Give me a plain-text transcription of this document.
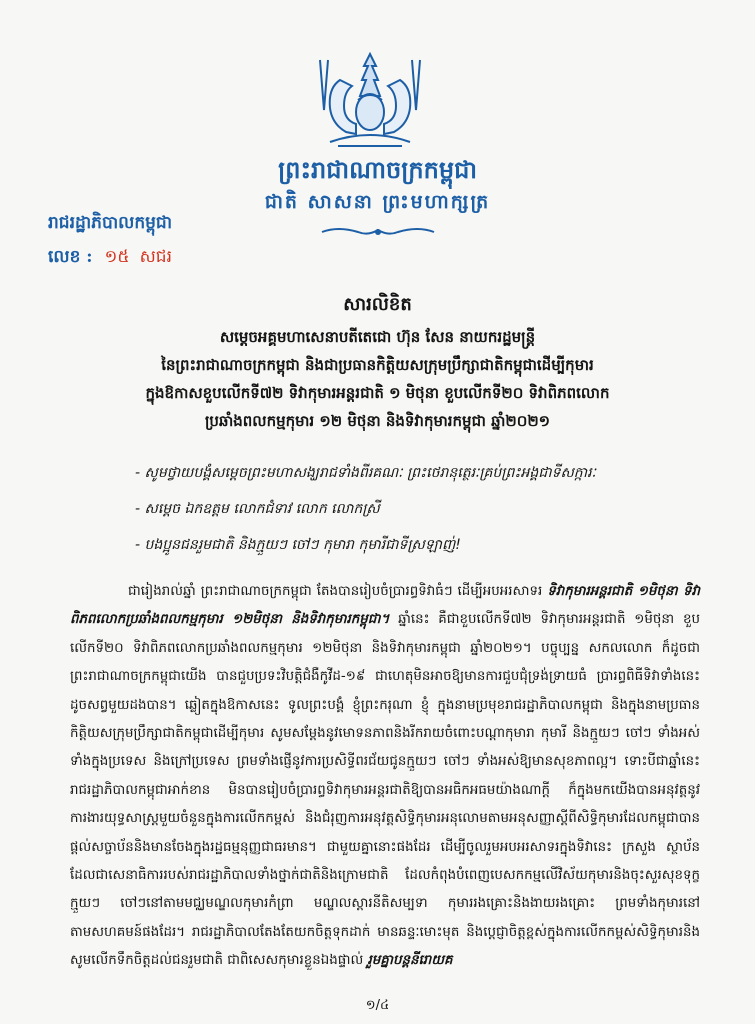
ព្រះរាជាណាចក្រកម្ពុជា
ជាតិ សាសនា ព្រះមហាក្សត្រ
រាជរដ្ឋាភិបាលកម្ពុជា
លេខ : ១៥ សជរ
សារលិខិត
សម្តេចអគ្គមហាសេនាបតីតេជោ ហ៊ុន សែន នាយករដ្ឋមន្ត្រី
នៃព្រះរាជាណាចក្រកម្ពុជា និងជាប្រធានកិត្តិយសក្រុមប្រឹក្សាជាតិកម្ពុជាដើម្បីកុមារ
ក្នុងឱកាសខួបលើកទី៧២ ទិវាកុមារអន្តរជាតិ ១ មិថុនា ខួបលើកទី២០ ទិវាពិភពលោក
ប្រឆាំងពលកម្មកុមារ ១២ មិថុនា និងទិវាកុមារកម្ពុជា ឆ្នាំ២០២១
- សូមថ្វាយបង្គំសម្តេចព្រះមហាសង្ឃរាជទាំងពីរគណៈ ព្រះថេរានុត្ថេរៈគ្រប់ព្រះអង្គជាទីសក្ការៈ
- សម្តេច ឯកឧត្តម លោកជំទាវ លោក លោកស្រី
- បងប្អូនជនរួមជាតិ និងក្មួយៗ ចៅៗ កុមារា កុមារីជាទីស្រឡាញ់!
ជារៀងរាល់ឆ្នាំ ព្រះរាជាណាចក្រកម្ពុជា តែងបានរៀបចំប្រារព្ធទិវាធំៗ ដើម្បីអបអរសាទរ ទិវាកុមារអន្តរជាតិ ១មិថុនា ទិវាពិភពលោកប្រឆាំងពលកម្មកុមារ ១២មិថុនា និងទិវាកុមារកម្ពុជា។ ឆ្នាំនេះ គឺជាខួបលើកទី៧២ ទិវាកុមារអន្តរជាតិ ១មិថុនា ខួបលើកទី២០ ទិវាពិភពលោកប្រឆាំងពលកម្មកុមារ ១២មិថុនា និងទិវាកុមារកម្ពុជា ឆ្នាំ២០២១។ បច្ចុប្បន្ន សកលលោក ក៏ដូចជាព្រះរាជាណាចក្រកម្ពុជាយើង បានជួបប្រទះវិបត្តិជំងឺកូវីដ-១៩ ជាហេតុមិនអាចឱ្យមានការជួបជុំទ្រង់ទ្រាយធំ ប្រារព្ធពិធីទិវាទាំងនេះដូចសព្វមួយដងបាន។ ឆ្លៀតក្នុងឱកាសនេះ ទូលព្រះបង្គំ ខ្ញុំព្រះករុណា ខ្ញុំ ក្នុងនាមប្រមុខរាជរដ្ឋាភិបាលកម្ពុជា និងក្នុងនាមប្រធានកិត្តិយសក្រុមប្រឹក្សាជាតិកម្ពុជាដើម្បីកុមារ សូមសម្តែងនូវមោទនភាពនិងរីករាយចំពោះបណ្ដាកុមារា កុមារី និងក្មួយៗ ចៅៗ ទាំងអស់ទាំងក្នុងប្រទេស និងក្រៅប្រទេស ព្រមទាំងផ្ញើនូវការប្រសិទ្ធីពរជ័យជូនក្មួយៗ ចៅៗ ទាំងអស់ឱ្យមានសុខភាពល្អ។ ទោះបីជាឆ្នាំនេះ រាជរដ្ឋាភិបាលកម្ពុជាអាក់ខាន មិនបានរៀបចំប្រារព្ធទិវាកុមារអន្តរជាតិឱ្យបានអធិកអធមយ៉ាងណាក្តី ក៏ក្នុងមកយើងបានអនុវត្តនូវការងារយុទ្ធសាស្ត្រមួយចំនួនក្នុងការលើកកម្ពស់ និងជំរុញការអនុវត្តសិទ្ធិកុមារអនុលោមតាមអនុសញ្ញាស្តីពីសិទ្ធិកុមារដែលកម្ពុជាបានផ្តល់សច្ចាប័ននិងមានចែងក្នុងរដ្ឋធម្មនុញ្ញជាធរមាន។ ជាមួយគ្នានោះផងដែរ ដើម្បីចូលរួមអបអរសាទរក្នុងទិវានេះ ក្រសួង ស្ថាប័នដែលជាសេនាធិការរបស់រាជរដ្ឋាភិបាលទាំងថ្នាក់ជាតិនិងក្រោមជាតិ ដែលកំពុងបំពេញបេសកកម្មលើវិស័យកុមារនិងចុះសួរសុខទុក្ខក្មួយៗ ចៅៗនៅតាមមជ្ឈមណ្ឌលកុមារកំព្រា មណ្ឌលស្តារនីតិសម្បទា កុមាររងគ្រោះនិងងាយរងគ្រោះ ព្រមទាំងកុមារនៅតាមសហគមន៍ផងដែរ។ រាជរដ្ឋាភិបាលតែងតែយកចិត្តទុកដាក់ មានឆន្ទៈមោះមុត និងប្តេជ្ញាចិត្តខ្ពស់ក្នុងការលើកកម្ពស់សិទ្ធិកុមារនិងសូមលើកទឹកចិត្តដល់ជនរួមជាតិ ជាពិសេសកុមារខ្លួនឯងផ្ទាល់ រួមគ្នាបន្តនីរោយគ
១/៤
